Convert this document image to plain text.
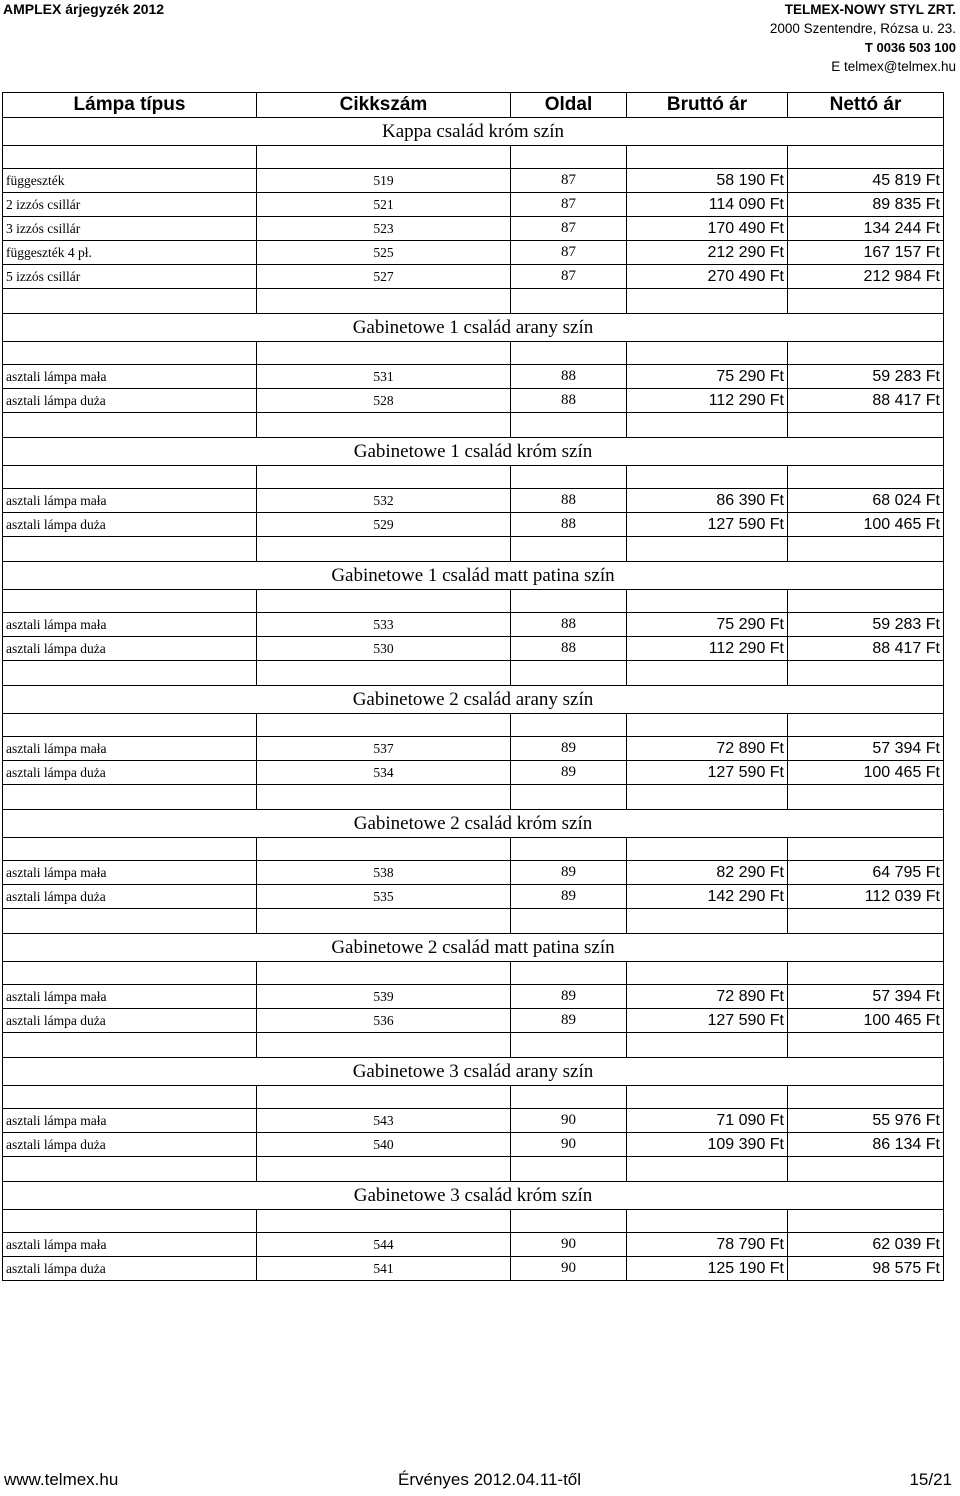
AMPLEX árjegyzék 2012	TELMEX-NOWY STYL ZRT.
2000 Szentendre, Rózsa u. 23.
T 0036 503 100
E telmex@telmex.hu
Lámpa típus	Cikkszám	Oldal	Bruttó ár	Nettó ár
Kappa család króm szín				

függeszték	519	87	58 190 Ft	45 819 Ft
2 izzós csillár	521	87	114 090 Ft	89 835 Ft
3 izzós csillár	523	87	170 490 Ft	134 244 Ft
függeszték 4 pł.	525	87	212 290 Ft	167 157 Ft
5 izzós csillár	527	87	270 490 Ft	212 984 Ft

Gabinetowe 1 család arany szín				

asztali lámpa mała	531	88	75 290 Ft	59 283 Ft
asztali lámpa duża	528	88	112 290 Ft	88 417 Ft

Gabinetowe 1 család króm szín				

asztali lámpa mała	532	88	86 390 Ft	68 024 Ft
asztali lámpa duża	529	88	127 590 Ft	100 465 Ft

Gabinetowe 1 család matt patina szín				

asztali lámpa mała	533	88	75 290 Ft	59 283 Ft
asztali lámpa duża	530	88	112 290 Ft	88 417 Ft

Gabinetowe 2 család arany szín				

asztali lámpa mała	537	89	72 890 Ft	57 394 Ft
asztali lámpa duża	534	89	127 590 Ft	100 465 Ft

Gabinetowe 2 család króm szín				

asztali lámpa mała	538	89	82 290 Ft	64 795 Ft
asztali lámpa duża	535	89	142 290 Ft	112 039 Ft

Gabinetowe 2 család matt patina szín				

asztali lámpa mała	539	89	72 890 Ft	57 394 Ft
asztali lámpa duża	536	89	127 590 Ft	100 465 Ft

Gabinetowe 3 család arany szín				

asztali lámpa mała	543	90	71 090 Ft	55 976 Ft
asztali lámpa duża	540	90	109 390 Ft	86 134 Ft

Gabinetowe 3 család króm szín				

asztali lámpa mała	544	90	78 790 Ft	62 039 Ft
asztali lámpa duża	541	90	125 190 Ft	98 575 Ft
www.telmex.hu	Érvényes 2012.04.11-től	15/21
